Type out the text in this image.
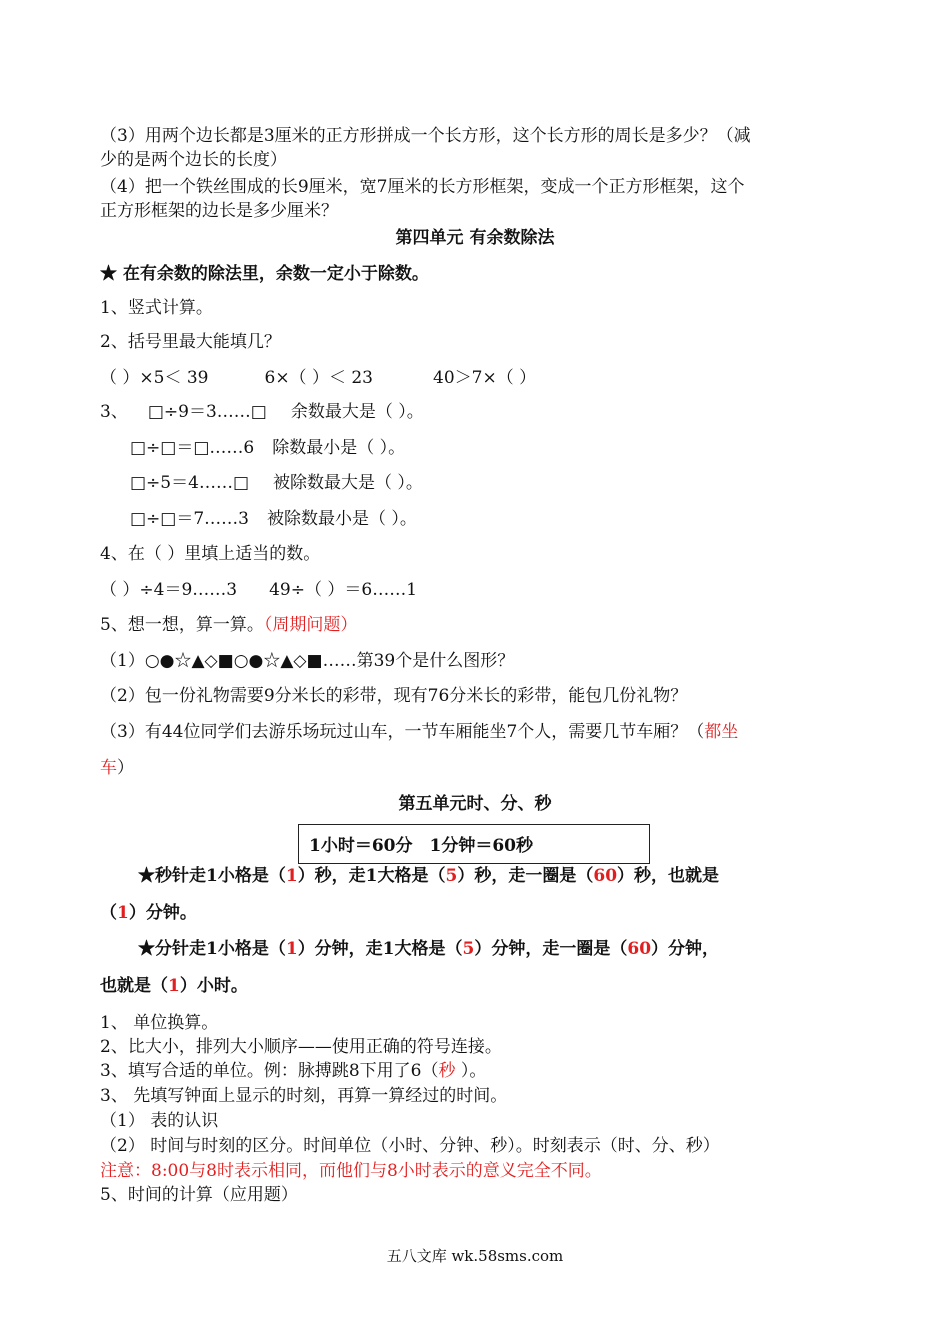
（3）用两个边长都是3厘米的正方形拼成一个长方形，这个长方形的周长是多少？（减
少的是两个边长的长度）
（4）把一个铁丝围成的长9厘米，宽7厘米的长方形框架，变成一个正方形框架，这个
正方形框架的边长是多少厘米？
第四单元 有余数除法
★ 在有余数的除法里，余数一定小于除数。
1、竖式计算。
2、括号里最大能填几？
（ ）×5＜ 39	6×（ ）＜ 23	40＞7×（ ）
3、 □÷9＝3……□ 余数最大是（ ）。
□÷□＝□……6 除数最小是（ ）。
□÷5＝4……□ 被除数最大是（ ）。
□÷□＝7……3 被除数最小是（ ）。
4、在（ ）里填上适当的数。
（ ）÷4＝9……3 49÷（ ）＝6……1
5、想一想，算一算。（周期问题）
（1）○●☆▲◇■○●☆▲◇■……第39个是什么图形？
（2）包一份礼物需要9分米长的彩带，现有76分米长的彩带，能包几份礼物？
（3）有44位同学们去游乐场玩过山车，一节车厢能坐7个人，需要几节车厢？（都坐
车）
第五单元时、分、秒
1小时＝60分　1分钟＝60秒
★秒针走1小格是（1）秒，走1大格是（5）秒，走一圈是（60）秒，也就是
（1）分钟。
★分针走1小格是（1）分钟，走1大格是（5）分钟，走一圈是（60）分钟，
也就是（1）小时。
1、 单位换算。
2、比大小，排列大小顺序——使用正确的符号连接。
3、填写合适的单位。例：脉搏跳8下用了6（秒 ）。
3、 先填写钟面上显示的时刻，再算一算经过的时间。
（1） 表的认识
（2） 时间与时刻的区分。时间单位（小时、分钟、秒）。时刻表示（时、分、秒）
注意：8:00与8时表示相同，而他们与8小时表示的意义完全不同。
5、时间的计算（应用题）
五八文库 wk.58sms.com
